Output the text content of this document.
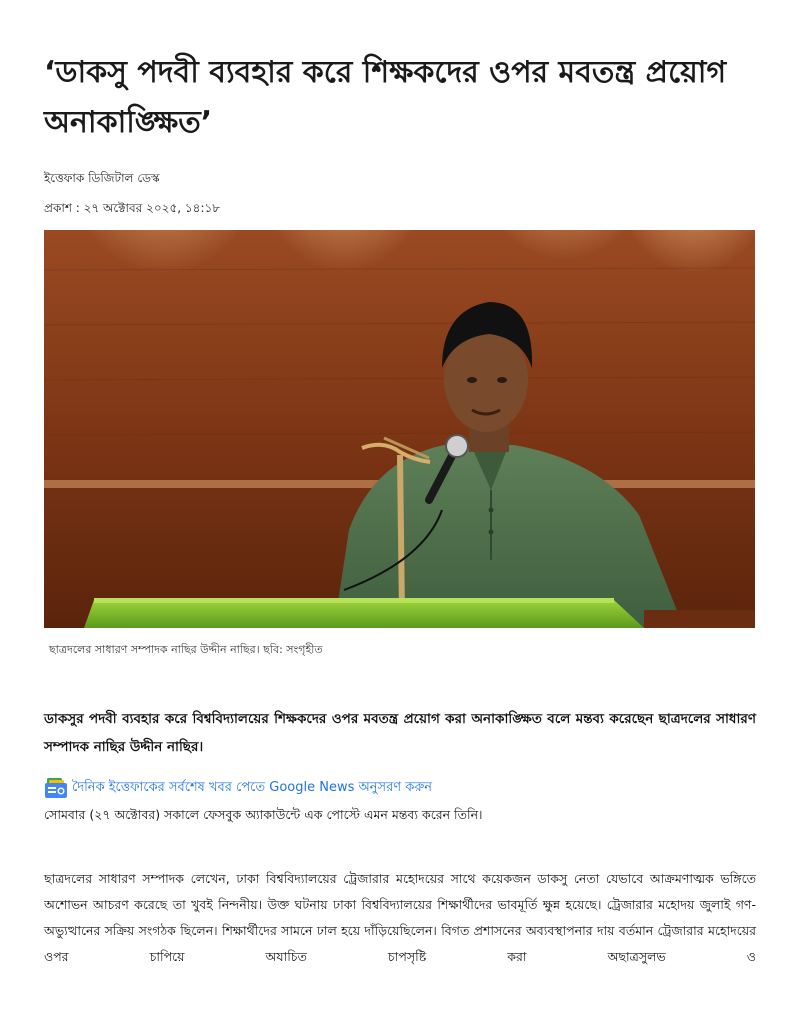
‘ডাকসু পদবী ব্যবহার করে শিক্ষকদের ওপর মবতন্ত্র প্রয়োগ অনাকাঙ্ক্ষিত’
ইত্তেফাক ডিজিটাল ডেস্ক
প্রকাশ : ২৭ অক্টোবর ২০২৫, ১৪:১৮
ছাত্রদলের সাধারণ সম্পাদক নাছির উদ্দীন নাছির। ছবি: সংগৃহীত

ডাকসুর পদবী ব্যবহার করে বিশ্ববিদ্যালয়ের শিক্ষকদের ওপর মবতন্ত্র প্রয়োগ করা অনাকাঙ্ক্ষিত বলে মন্তব্য করেছেন ছাত্রদলের সাধারণ সম্পাদক নাছির উদ্দীন নাছির।

দৈনিক ইত্তেফাকের সর্বশেষ খবর পেতে Google News অনুসরণ করুন

সোমবার (২৭ অক্টোবর) সকালে ফেসবুক অ্যাকাউন্টে এক পোস্টে এমন মন্তব্য করেন তিনি।

ছাত্রদলের সাধারণ সম্পাদক লেখেন, ঢাকা বিশ্ববিদ্যালয়ের ট্রেজারার মহোদয়ের সাথে কয়েকজন ডাকসু নেতা যেভাবে আক্রমণাত্মক ভঙ্গিতে অশোভন আচরণ করেছে তা খুবই নিন্দনীয়। উক্ত ঘটনায় ঢাকা বিশ্ববিদ্যালয়ের শিক্ষার্থীদের ভাবমূর্তি ক্ষুন্ন হয়েছে। ট্রেজারার মহোদয় জুলাই গণ-অভ্যুত্থানের সক্রিয় সংগঠক ছিলেন। শিক্ষার্থীদের সামনে ঢাল হয়ে দাঁড়িয়েছিলেন। বিগত প্রশাসনের অব্যবস্থাপনার দায় বর্তমান ট্রেজারার মহোদয়ের ওপর চাপিয়ে অযাচিত চাপসৃষ্টি করা অছাত্রসুলভ ও
